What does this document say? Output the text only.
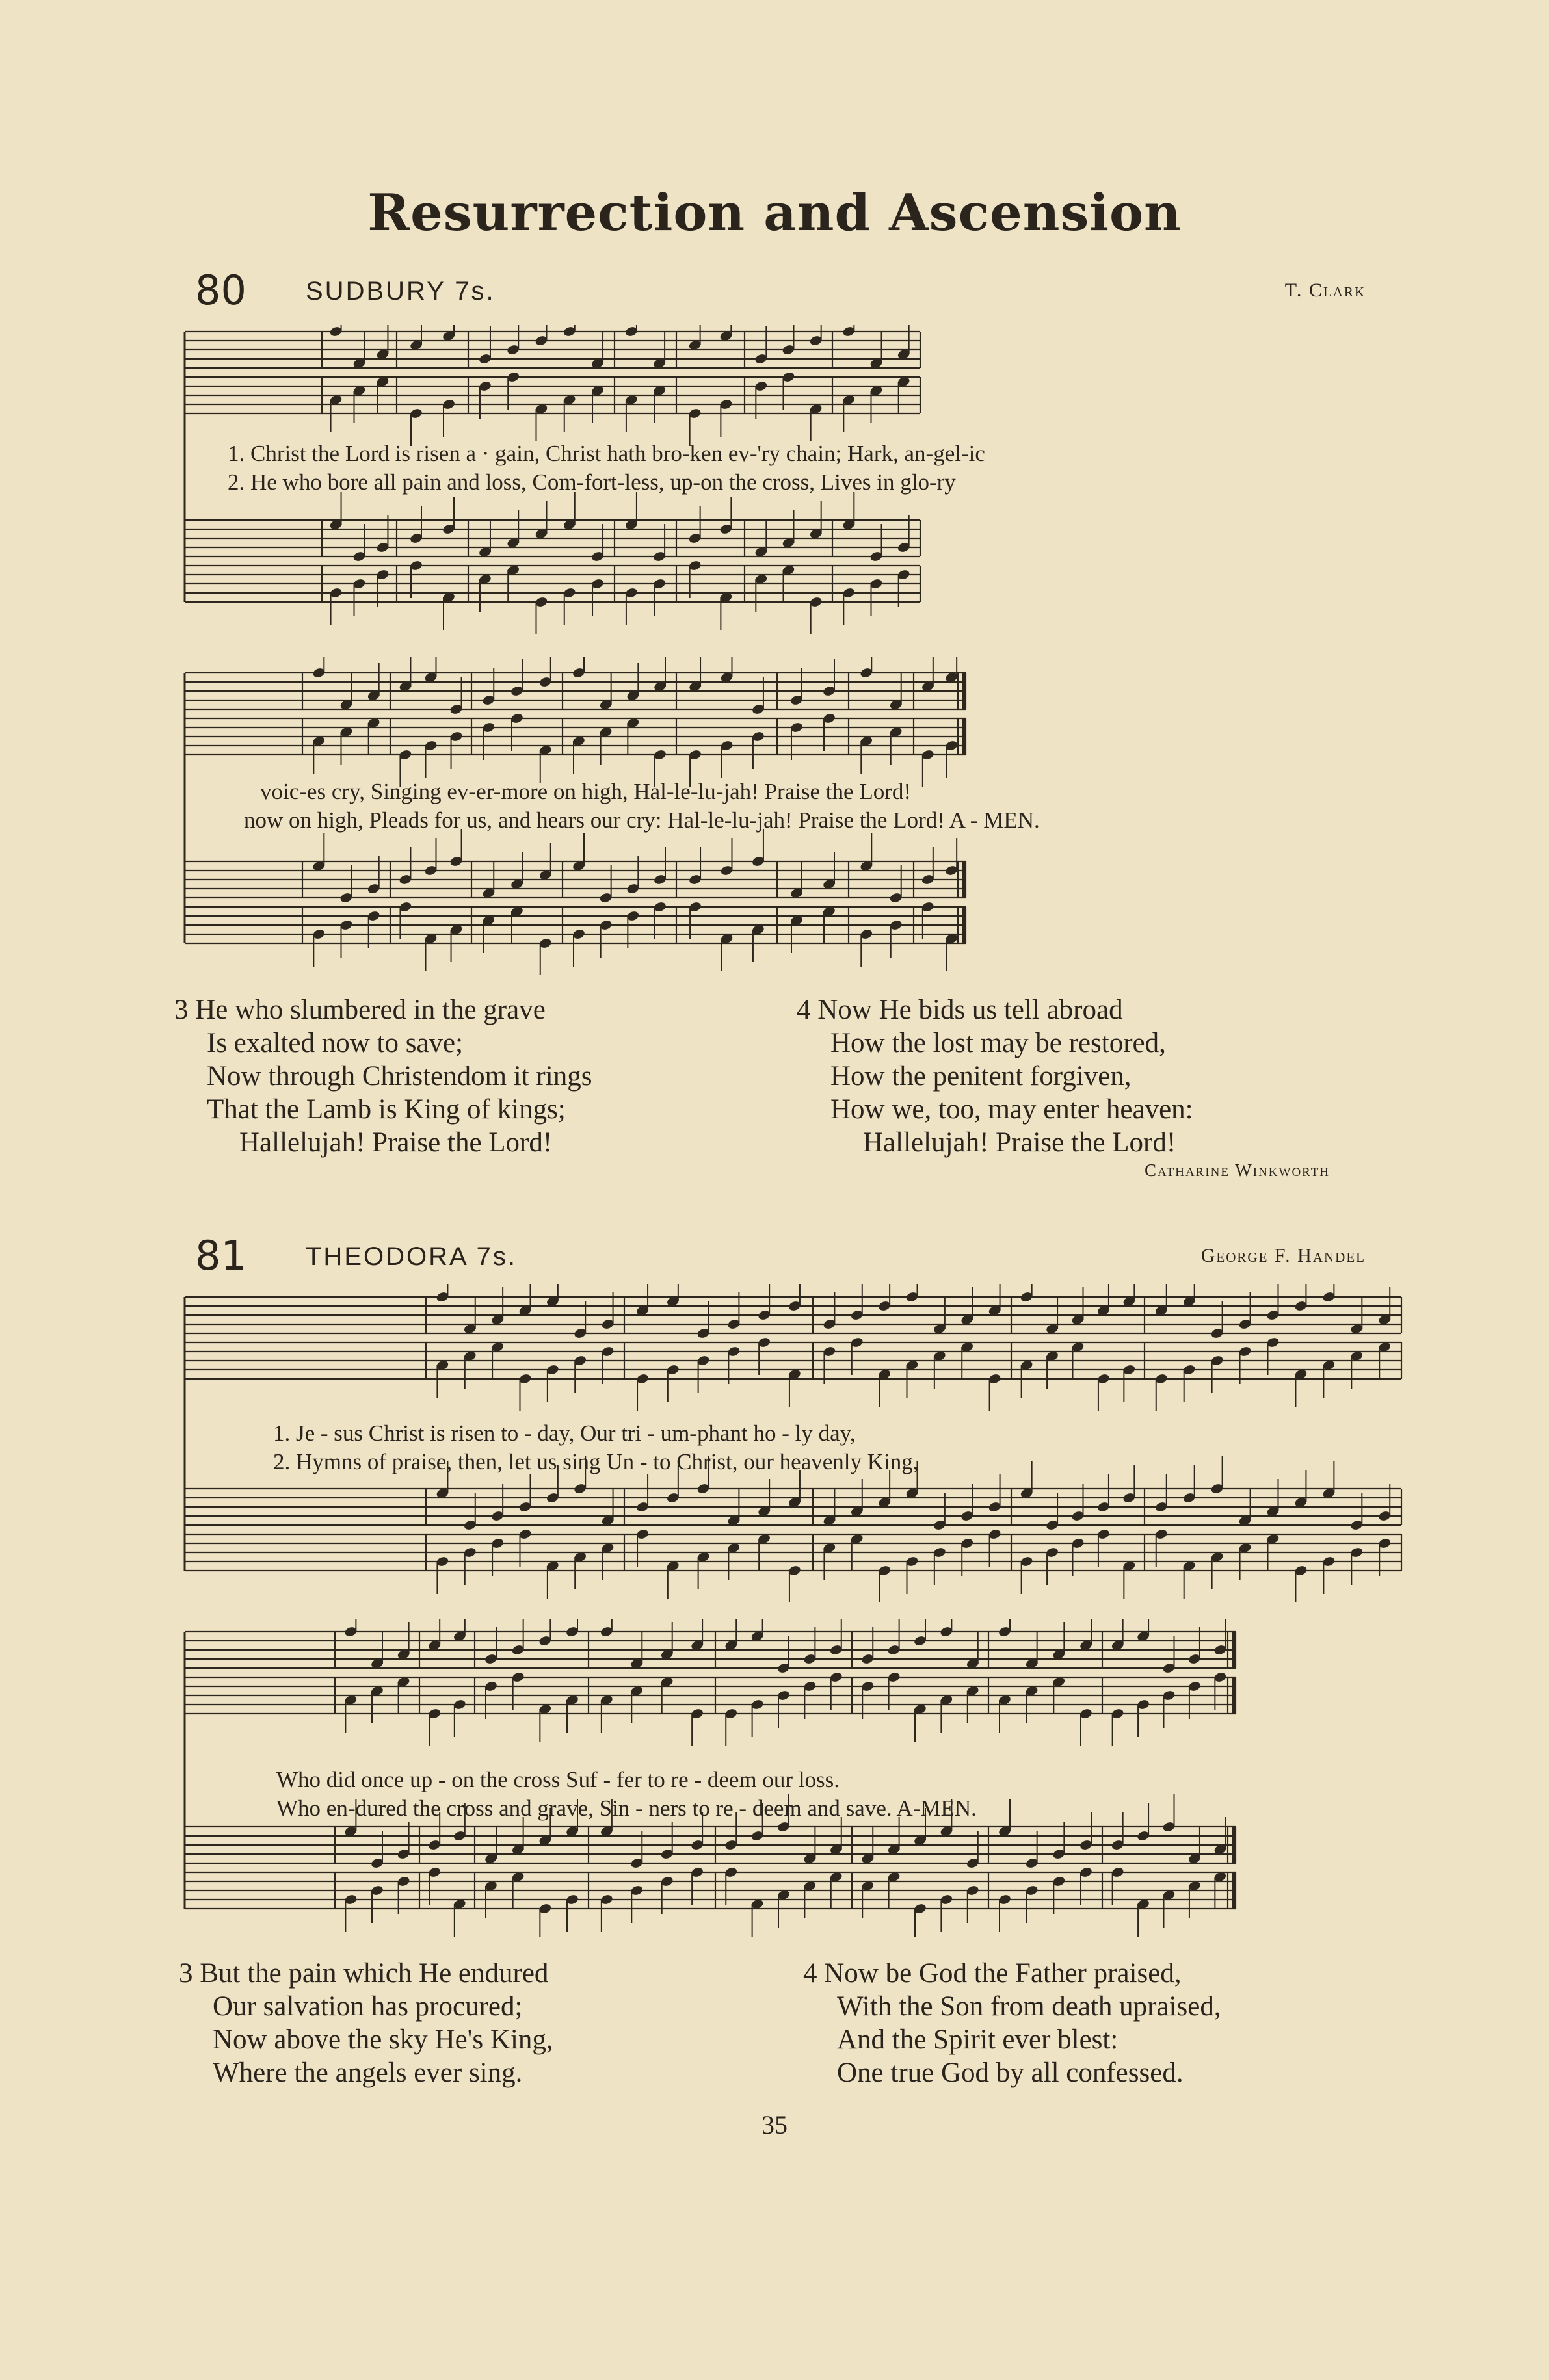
Resurrection and Ascension
80 SUDBURY 7s.	T. Clark
1. Christ the Lord is risen a · gain, Christ hath bro-ken ev-'ry chain; Hark, an-gel-ic
2. He who bore all pain and loss, Com-fort-less, up-on the cross, Lives in glo-ry
voic-es cry, Singing ev-er-more on high, Hal-le-lu-jah! Praise the Lord!
now on high, Pleads for us, and hears our cry: Hal-le-lu-jah! Praise the Lord! A - MEN.
3 He who slumbered in the grave
Is exalted now to save;
Now through Christendom it rings
That the Lamb is King of kings;
Hallelujah! Praise the Lord!
4 Now He bids us tell abroad
How the lost may be restored,
How the penitent forgiven,
How we, too, may enter heaven:
Hallelujah! Praise the Lord!
Catharine Winkworth
81 THEODORA 7s.	George F. Handel
1. Je - sus Christ is risen to - day, Our tri - um-phant ho - ly day,
2. Hymns of praise, then, let us sing Un - to Christ, our heavenly King,
Who did once up - on the cross Suf - fer to re - deem our loss.
Who en-dured the cross and grave, Sin - ners to re - deem and save. A-MEN.
3 But the pain which He endured
Our salvation has procured;
Now above the sky He's King,
Where the angels ever sing.
4 Now be God the Father praised,
With the Son from death upraised,
And the Spirit ever blest:
One true God by all confessed.
35
